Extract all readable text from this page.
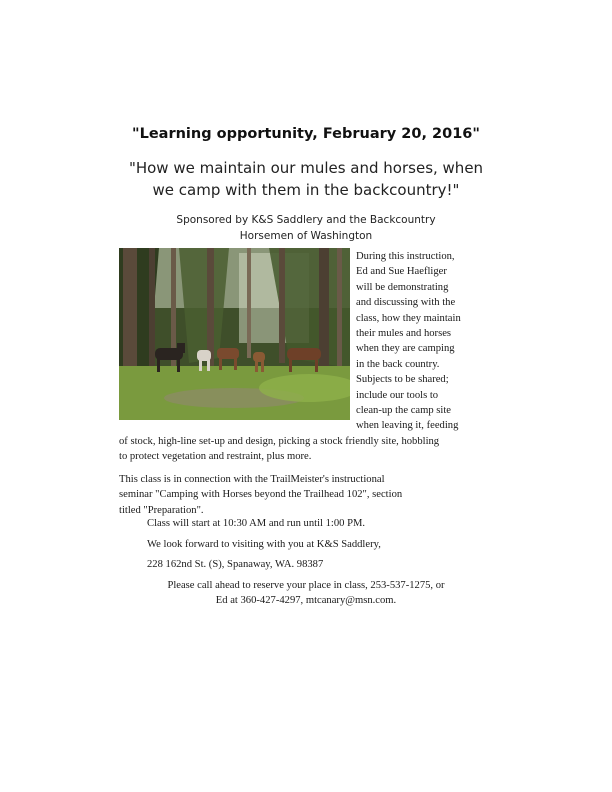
"Learning opportunity, February 20, 2016"
"How we maintain our mules and horses, when
we camp with them in the backcountry!"
Sponsored by K&S Saddlery and the Backcountry
Horsemen of Washington

During this instruction,
Ed and Sue Haefliger
will be demonstrating
and discussing with the
class, how they maintain
their mules and horses
when they are camping
in the back country.
Subjects to be shared;
include our tools to
clean-up the camp site
when leaving it, feeding

of stock, high-line set-up and design, picking a stock friendly site, hobbling
to protect vegetation and restraint, plus more.

This class is in connection with the TrailMeister's instructional
seminar "Camping with Horses beyond the Trailhead 102", section
titled "Preparation".

Class will start at 10:30 AM and run until 1:00 PM.

We look forward to visiting with you at K&S Saddlery,

228 162nd St. (S), Spanaway, WA. 98387

Please call ahead to reserve your place in class, 253-537-1275, or
Ed at 360-427-4297, mtcanary@msn.com.
